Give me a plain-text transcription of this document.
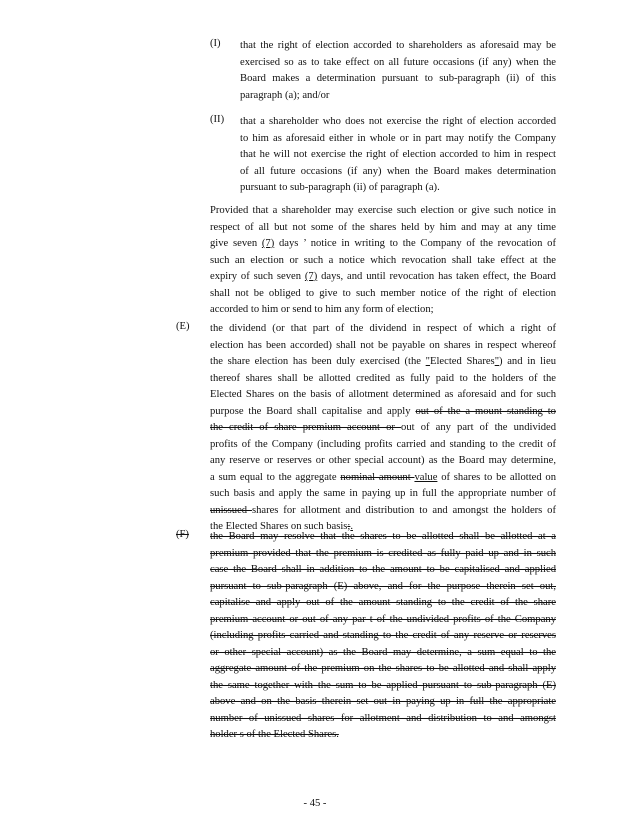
(I) that the right of election accorded to shareholders as aforesaid may be
exercised so as to take effect on all future occasions (if any) when the
Board makes a determination pursuant to sub-paragraph (ii) of this
paragraph (a); and/or
(II) that a shareholder who does not exercise the right of election accorded
to him as aforesaid either in whole or in part may notify the Company
that he will not exercise the right of election accorded to him in respect
of all future occasions (if any) when the Board makes determination
pursuant to sub-paragraph (ii) of paragraph (a).
Provided that a shareholder may exercise such election or give such notice in
respect of all but not some of the shares held by him and may at any time
give seven (7) days ’ notice in writing to the Company of the revocation of
such an election or such a notice which revocation shall take effect at the
expiry of such seven (7) days, and until revocation has taken effect, the Board
shall not be obliged to give to such member notice of the right of election
accorded to him or send to him any form of election;
(E) the dividend (or that part of the dividend in respect of which a right of
election has been accorded) shall not be payable on shares in respect whereof
the share election has been duly exercised (the "Elected Shares") and in lieu
thereof shares shall be allotted credited as fully paid to the holders of the
Elected Shares on the basis of allotment determined as aforesaid and for such
purpose the Board shall capitalise and apply out of the a mount standing to
the credit of share premium account or out of any part of the undivided
profits of the Company (including profits carried and standing to the credit of
any reserve or reserves or other special account) as the Board may determine,
a sum equal to the aggregate nominal amount value of shares to be allotted on
such basis and apply the same in paying up in full the appropriate number of
unissued shares for allotment and distribution to and amongst the holders of
the Elected Shares on such basis;.
(F) the Board may resolve that the shares to be allotted shall be allotted at a
premium provided that the premium is credited as fully paid up and in such
case the Board shall in addition to the amount to be capitalised and applied
pursuant to sub-paragraph (E) above, and for the purpose therein set out,
capitalise and apply out of the amount standing to the credit of the share
premium account or out of any par t of the undivided profits of the Company
(including profits carried and standing to the credit of any reserve or reserves
or other special account) as the Board may determine, a sum equal to the
aggregate amount of the premium on the shares to be allotted and shall apply
the same together with the sum to be applied pursuant to sub-paragraph (E)
above and on the basis therein set out in paying up in full the appropriate
number of unissued shares for allotment and distribution to and amongst
holder s of the Elected Shares.
- 45 -
